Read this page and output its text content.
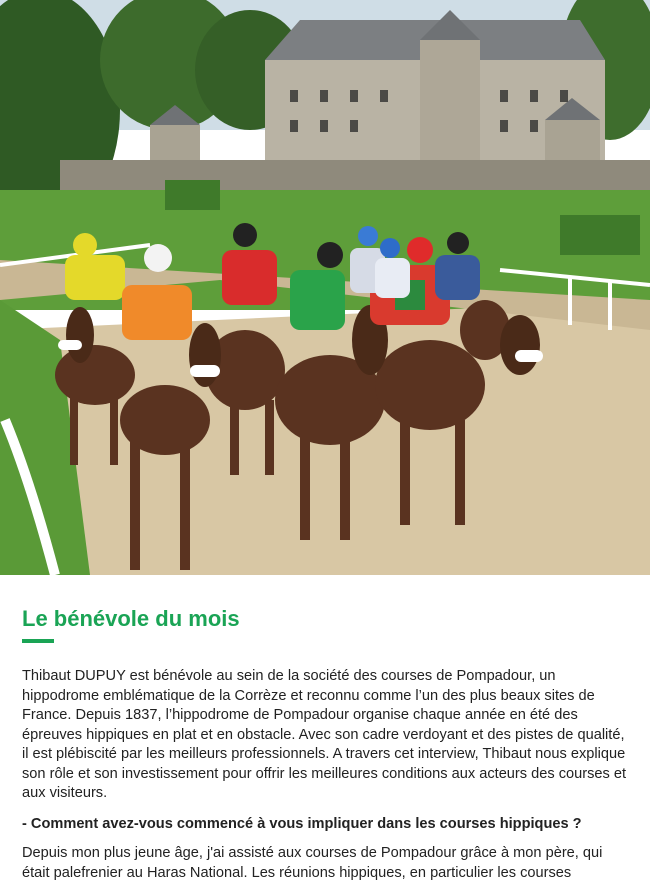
Le bénévole du mois

Thibaut DUPUY est bénévole au sein de la société des courses de Pompadour, un hippodrome emblématique de la Corrèze et reconnu comme l’un des plus beaux sites de France. Depuis 1837, l’hippodrome de Pompadour organise chaque année en été des épreuves hippiques en plat et en obstacle. Avec son cadre verdoyant et des pistes de qualité, il est plébiscité par les meilleurs professionnels. A travers cet interview, Thibaut nous explique son rôle et son investissement pour offrir les meilleures conditions aux acteurs des courses et aux visiteurs.

- Comment avez-vous commencé à vous impliquer dans les courses hippiques ?

Depuis mon plus jeune âge, j'ai assisté aux courses de Pompadour grâce à mon père, qui était palefrenier au Haras National. Les réunions hippiques, en particulier les courses
